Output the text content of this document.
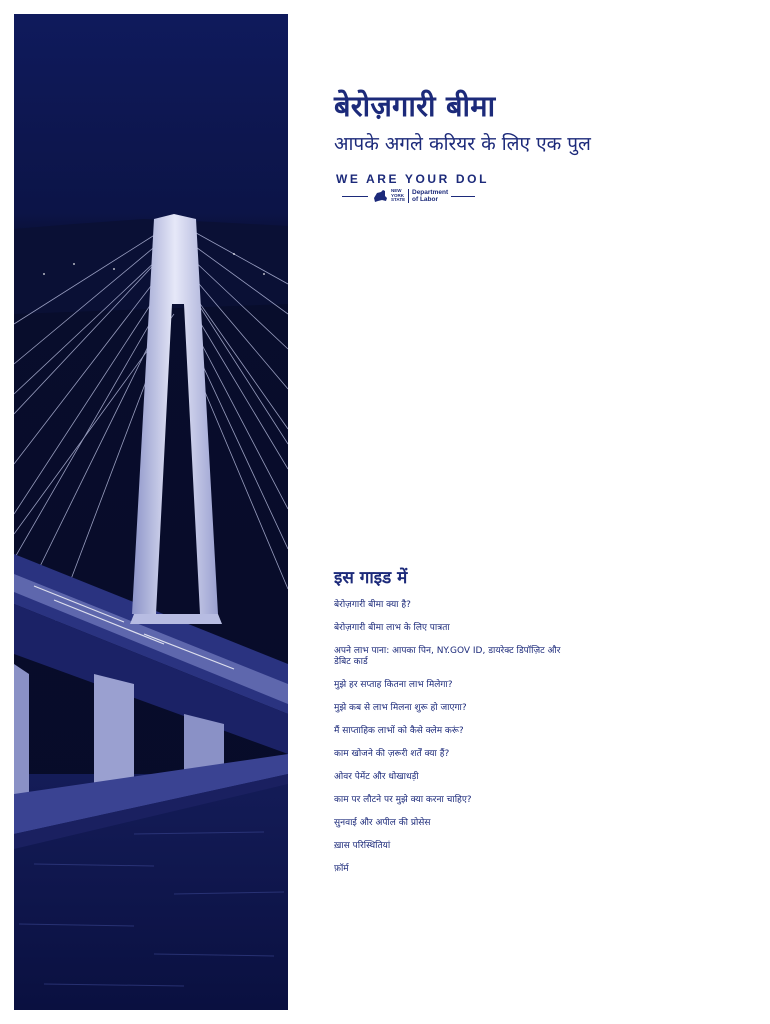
बेरोज़गारी बीमा
आपके अगले करियर के लिए एक पुल
WE ARE YOUR DOL
NEW YORK STATE
Department
of Labor
इस गाइड में
बेरोज़गारी बीमा क्या है?
बेरोज़गारी बीमा लाभ के लिए पात्रता
अपने लाभ पाना: आपका पिन, NY.GOV ID, डायरेक्ट डिपॉज़िट और डेबिट कार्ड
मुझे हर सप्ताह कितना लाभ मिलेगा?
मुझे कब से लाभ मिलना शुरू हो जाएगा?
मैं साप्ताहिक लाभों को कैसे क्लेम करूं?
काम खोजने की ज़रूरी शर्तें क्या हैं?
ओवर पेमेंट और धोखाधड़ी
काम पर लौटने पर मुझे क्या करना चाहिए?
सुनवाई और अपील की प्रोसेस
ख़ास परिस्थितियां
फ़ॉर्म
